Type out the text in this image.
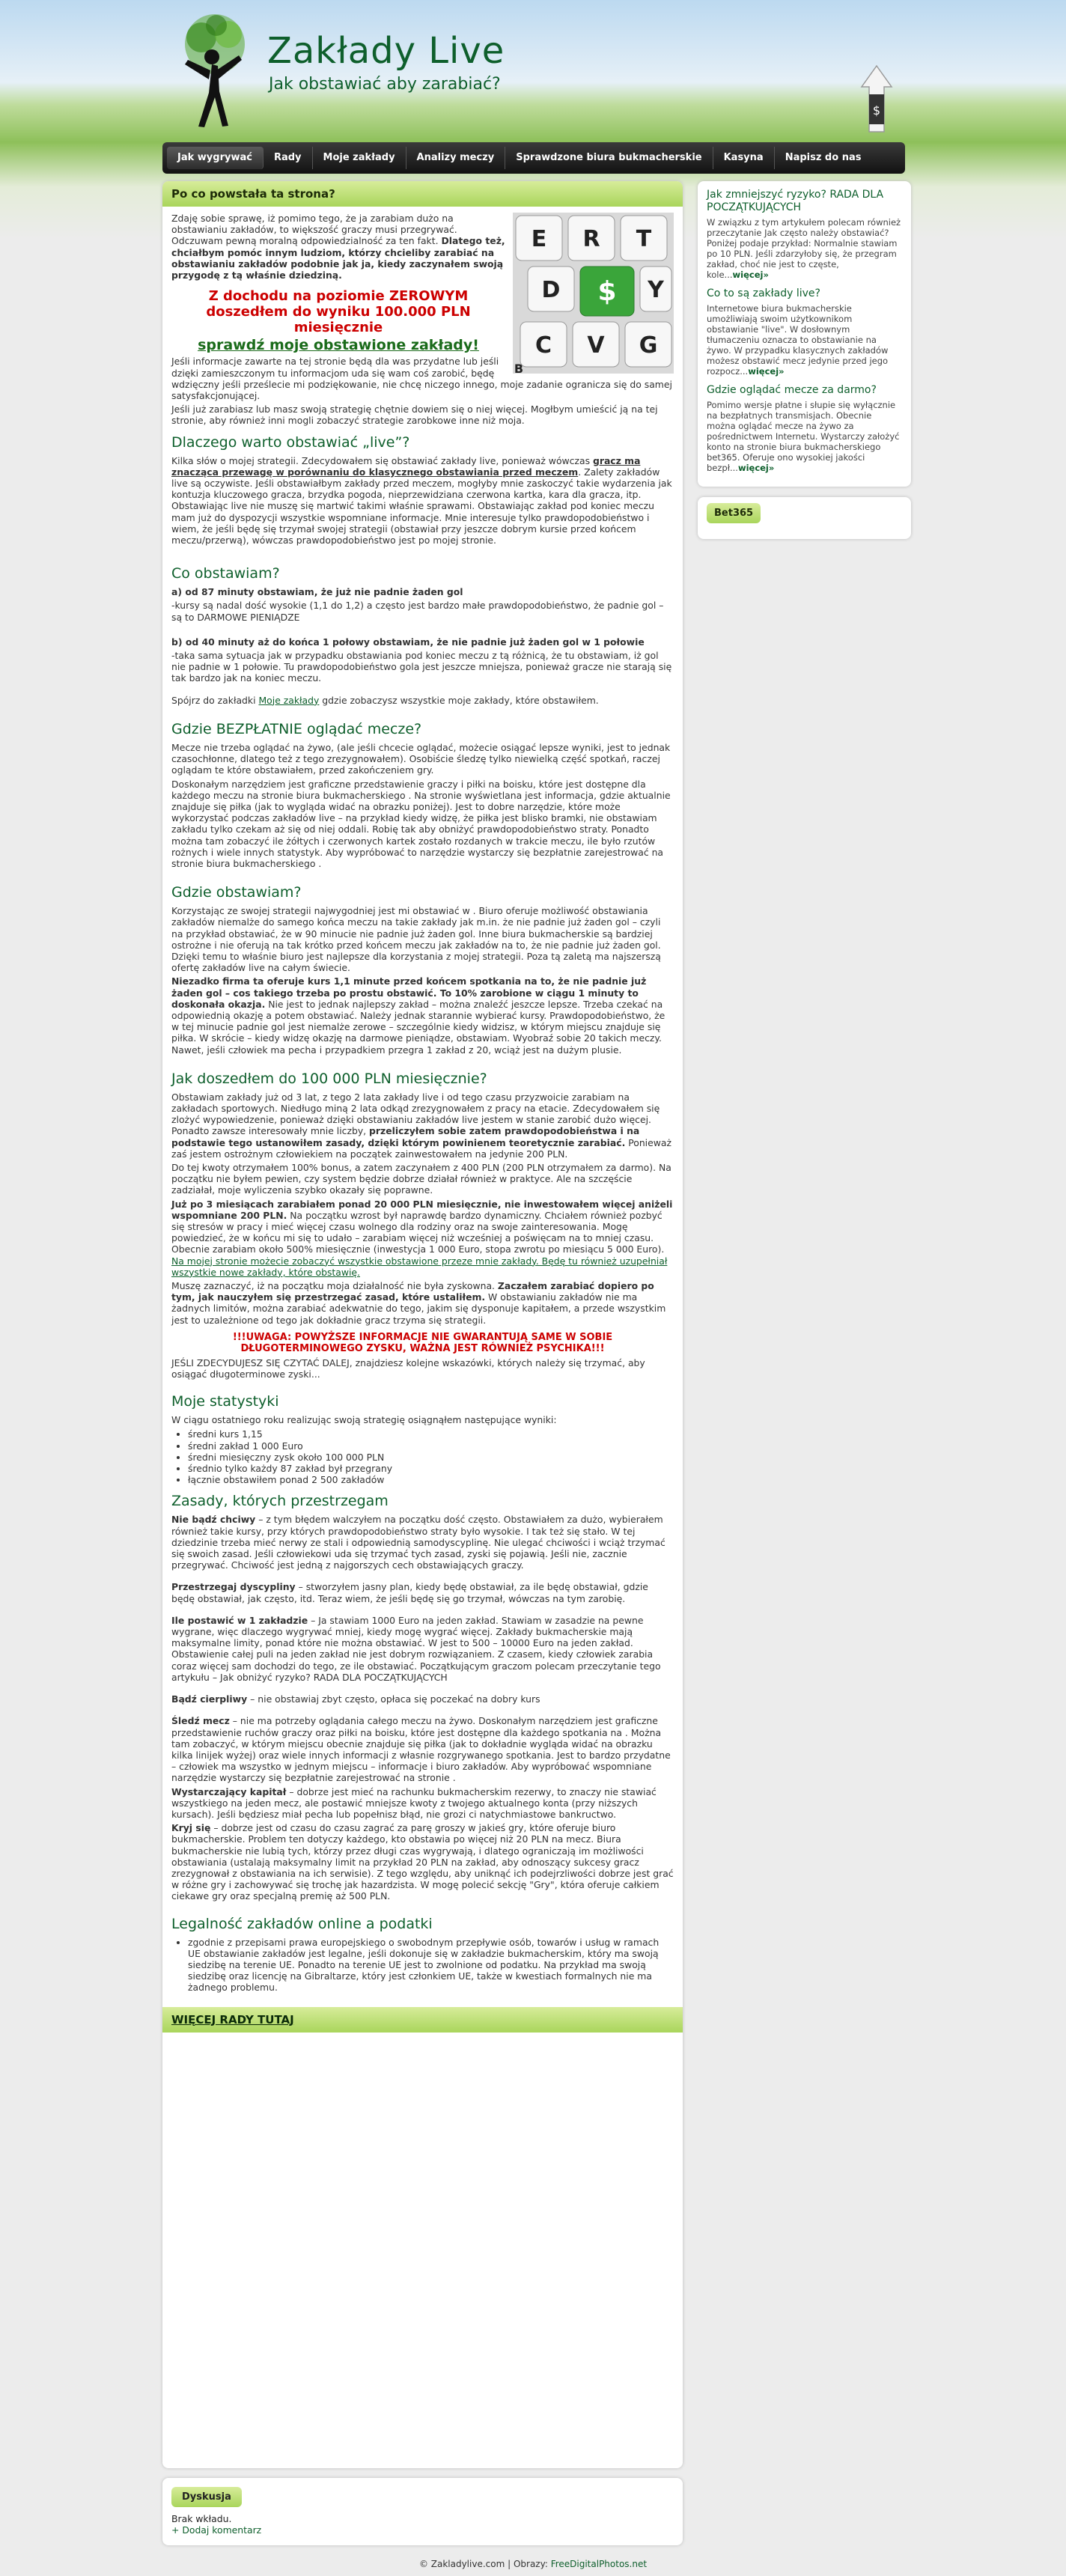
Zakłady Live
Jak obstawiać aby zarabiać?
$
Jak wygrywać	Rady	Moje zakłady	Analizy meczy	Sprawdzone biura bukmacherskie	Kasyna	Napisz do nas
Po co powstała ta strona?
E R T
Y
D $
G
C V
B

Zdaję sobie sprawę, iż pomimo tego, że ja zarabiam dużo na obstawianiu zakładów, to większość graczy musi przegrywać. Odczuwam pewną moralną odpowiedzialność za ten fakt. Dlatego też, chciałbym pomóc innym ludziom, którzy chcieliby zarabiać na obstawianiu zakładów podobnie jak ja, kiedy zaczynałem swoją przygodę z tą właśnie dziedziną.

Z dochodu na poziomie ZEROWYM doszedłem do wyniku 100.000 PLN miesięcznie
sprawdź moje obstawione zakłady!

Jeśli informacje zawarte na tej stronie będą dla was przydatne lub jeśli dzięki zamieszczonym tu informacjom uda się wam coś zarobić, będę wdzięczny jeśli prześlecie mi podziękowanie, nie chcę niczego innego, moje zadanie ogranicza się do samej satysfakcjonującej.

Jeśli już zarabiasz lub masz swoją strategię chętnie dowiem się o niej więcej. Mogłbym umieścić ją na tej stronie, aby również inni mogli zobaczyć strategie zarobkowe inne niż moja.

Dlaczego warto obstawiać „live”?

Kilka słów o mojej strategii. Zdecydowałem się obstawiać zakłady live, ponieważ wówczas gracz ma znacząca przewagę w porównaniu do klasycznego obstawiania przed meczem. Zalety zakładów live są oczywiste. Jeśli obstawiałbym zakłady przed meczem, mogłyby mnie zaskoczyć takie wydarzenia jak kontuzja kluczowego gracza, brzydka pogoda, nieprzewidziana czerwona kartka, kara dla gracza, itp. Obstawiając live nie muszę się martwić takimi właśnie sprawami. Obstawiając zakład pod koniec meczu mam już do dyspozycji wszystkie wspomniane informacje. Mnie interesuje tylko prawdopodobieństwo i wiem, że jeśli będę się trzymał swojej strategii (obstawiał przy jeszcze dobrym kursie przed końcem meczu/przerwą), wówczas prawdopodobieństwo jest po mojej stronie.

Co obstawiam?

a) od 87 minuty obstawiam, że już nie padnie żaden gol

-kursy są nadal dość wysokie (1,1 do 1,2) a często jest bardzo małe prawdopodobieństwo, że padnie gol – są to DARMOWE PIENIĄDZE

b) od 40 minuty aż do końca 1 połowy obstawiam, że nie padnie już żaden gol w 1 połowie

-taka sama sytuacja jak w przypadku obstawiania pod koniec meczu z tą różnicą, że tu obstawiam, iż gol nie padnie w 1 połowie. Tu prawdopodobieństwo gola jest jeszcze mniejsza, ponieważ gracze nie starają się tak bardzo jak na koniec meczu.

Spójrz do zakładki Moje zakłady gdzie zobaczysz wszystkie moje zakłady, które obstawiłem.

Gdzie BEZPŁATNIE oglądać mecze?

Mecze nie trzeba oglądać na żywo, (ale jeśli chcecie oglądać, możecie osiągać lepsze wyniki, jest to jednak czasochłonne, dlatego też z tego zrezygnowałem). Osobiście śledzę tylko niewielką część spotkań, raczej oglądam te które obstawiałem, przed zakończeniem gry.

Doskonałym narzędziem jest graficzne przedstawienie graczy i piłki na boisku, które jest dostępne dla każdego meczu na stronie biura bukmacherskiego . Na stronie wyświetlana jest informacja, gdzie aktualnie znajduje się piłka (jak to wygląda widać na obrazku poniżej). Jest to dobre narzędzie, które może wykorzystać podczas zakładów live – na przykład kiedy widzę, że piłka jest blisko bramki, nie obstawiam zakładu tylko czekam aż się od niej oddali. Robię tak aby obniżyć prawdopodobieństwo straty. Ponadto można tam zobaczyć ile żółtych i czerwonych kartek zostało rozdanych w trakcie meczu, ile było rzutów rożnych i wiele innych statystyk. Aby wypróbować to narzędzie wystarczy się bezpłatnie zarejestrować na stronie biura bukmacherskiego .

Gdzie obstawiam?

Korzystając ze swojej strategii najwygodniej jest mi obstawiać w . Biuro oferuje możliwość obstawiania zakładów niemalże do samego końca meczu na takie zakłady jak m.in. że nie padnie już żaden gol – czyli na przykład obstawiać, że w 90 minucie nie padnie już żaden gol. Inne biura bukmacherskie są bardziej ostrożne i nie oferują na tak krótko przed końcem meczu jak zakładów na to, że nie padnie już żaden gol. Dzięki temu to właśnie biuro jest najlepsze dla korzystania z mojej strategii. Poza tą zaletą ma najszerszą ofertę zakładów live na całym świecie.

Niezadko firma ta oferuje kurs 1,1 minute przed końcem spotkania na to, że nie padnie już żaden gol – cos takiego trzeba po prostu obstawić. To 10% zarobione w ciągu 1 minuty to doskonała okazja. Nie jest to jednak najlepszy zakład – można znaleźć jeszcze lepsze. Trzeba czekać na odpowiednią okazję a potem obstawiać. Należy jednak starannie wybierać kursy. Prawdopodobieństwo, że w tej minucie padnie gol jest niemalże zerowe – szczególnie kiedy widzisz, w którym miejscu znajduje się piłka. W skrócie – kiedy widzę okazję na darmowe pieniądze, obstawiam. Wyobraź sobie 20 takich meczy. Nawet, jeśli człowiek ma pecha i przypadkiem przegra 1 zakład z 20, wciąż jest na dużym plusie.

Jak doszedłem do 100 000 PLN miesięcznie?

Obstawiam zakłady już od 3 lat, z tego 2 lata zakłady live i od tego czasu przyzwoicie zarabiam na zakładach sportowych. Niedługo miną 2 lata odkąd zrezygnowałem z pracy na etacie. Zdecydowałem się zlożyć wypowiedzenie, ponieważ dzięki obstawianiu zakładów live jestem w stanie zarobić dużo więcej. Ponadto zawsze interesowały mnie liczby, przeliczyłem sobie zatem prawdopodobieństwa i na podstawie tego ustanowiłem zasady, dzięki którym powinienem teoretycznie zarabiać. Ponieważ zaś jestem ostrożnym człowiekiem na początek zainwestowałem na jedynie 200 PLN.

Do tej kwoty otrzymałem 100% bonus, a zatem zaczynałem z 400 PLN (200 PLN otrzymałem za darmo). Na początku nie byłem pewien, czy system będzie dobrze działał również w praktyce. Ale na szczęście zadziałał, moje wyliczenia szybko okazały się poprawne.

Już po 3 miesiącach zarabiałem ponad 20 000 PLN miesięcznie, nie inwestowałem więcej aniżeli wspomniane 200 PLN. Na początku wzrost był naprawdę bardzo dynamiczny. Chciałem również pozbyć się stresów w pracy i mieć więcej czasu wolnego dla rodziny oraz na swoje zainteresowania. Mogę powiedzieć, że w końcu mi się to udało – zarabiam więcej niż wcześniej a poświęcam na to mniej czasu. Obecnie zarabiam około 500% miesięcznie (inwestycja 1 000 Euro, stopa zwrotu po miesiącu 5 000 Euro). Na mojej stronie możecie zobaczyć wszystkie obstawione przeze mnie zakłady. Będę tu również uzupełniał wszystkie nowe zakłady, które obstawię.

Muszę zaznaczyć, iż na początku moja działalność nie była zyskowna. Zaczałem zarabiać dopiero po tym, jak nauczyłem się przestrzegać zasad, które ustaliłem. W obstawianiu zakładów nie ma żadnych limitów, można zarabiać adekwatnie do tego, jakim się dysponuje kapitałem, a przede wszystkim jest to uzależnione od tego jak dokładnie gracz trzyma się strategii.

!!!UWAGA: POWYŻSZE INFORMACJE NIE GWARANTUJĄ SAME W SOBIE DŁUGOTERMINOWEGO ZYSKU, WAŻNA JEST RÓWNIEŻ PSYCHIKA!!!

JEŚLI ZDECYDUJESZ SIĘ CZYTAĆ DALEJ, znajdziesz kolejne wskazówki, których należy się trzymać, aby osiągać długoterminowe zyski...

Moje statystyki

W ciągu ostatniego roku realizując swoją strategię osiągnąłem następujące wyniki:

• średni kurs 1,15
• średni zakład 1 000 Euro
• średni miesięczny zysk około 100 000 PLN
• średnio tylko każdy 87 zakład był przegrany
• łącznie obstawiłem ponad 2 500 zakładów
Zasady, których przestrzegam

Nie bądź chciwy – z tym błędem walczyłem na początku dość często. Obstawiałem za dużo, wybierałem również takie kursy, przy których prawdopodobieństwo straty było wysokie. I tak też się stało. W tej dziedzinie trzeba mieć nerwy ze stali i odpowiednią samodyscyplinę. Nie ulegać chciwości i wciąż trzymać się swoich zasad. Jeśli człowiekowi uda się trzymać tych zasad, zyski się pojawią. Jeśli nie, zacznie przegrywać. Chciwość jest jedną z najgorszych cech obstawiających graczy.

Przestrzegaj dyscypliny – stworzyłem jasny plan, kiedy będę obstawiał, za ile będę obstawiał, gdzie będę obstawiał, jak często, itd. Teraz wiem, że jeśli będę się go trzymał, wówczas na tym zarobię.

Ile postawić w 1 zakładzie – Ja stawiam 1000 Euro na jeden zakład. Stawiam w zasadzie na pewne wygrane, więc dlaczego wygrywać mniej, kiedy mogę wygrać więcej. Zakłady bukmacherskie mają maksymalne limity, ponad które nie można obstawiać. W jest to 500 – 10000 Euro na jeden zakład. Obstawienie całej puli na jeden zakład nie jest dobrym rozwiązaniem. Z czasem, kiedy człowiek zarabia coraz więcej sam dochodzi do tego, ze ile obstawiać. Początkującym graczom polecam przeczytanie tego artykułu – Jak obniżyć ryzyko? RADA DLA POCZĄTKUJĄCYCH

Bądź cierpliwy – nie obstawiaj zbyt często, opłaca się poczekać na dobry kurs

Śledź mecz – nie ma potrzeby oglądania całego meczu na żywo. Doskonałym narzędziem jest graficzne przedstawienie ruchów graczy oraz piłki na boisku, które jest dostępne dla każdego spotkania na . Można tam zobaczyć, w którym miejscu obecnie znajduje się piłka (jak to dokładnie wygląda widać na obrazku kilka linijek wyżej) oraz wiele innych informacji z własnie rozgrywanego spotkania. Jest to bardzo przydatne – człowiek ma wszystko w jednym miejscu – informacje i biuro zakładów. Aby wypróbować wspomniane narzędzie wystarczy się bezpłatnie zarejestrować na stronie .

Wystarczający kapitał – dobrze jest mieć na rachunku bukmacherskim rezerwy, to znaczy nie stawiać wszystkiego na jeden mecz, ale postawić mniejsze kwoty z twojego aktualnego konta (przy niższych kursach). Jeśli będziesz miał pecha lub popełnisz błąd, nie grozi ci natychmiastowe bankructwo.

Kryj się – dobrze jest od czasu do czasu zagrać za parę groszy w jakieś gry, które oferuje biuro bukmacherskie. Problem ten dotyczy każdego, kto obstawia po więcej niż 20 PLN na mecz. Biura bukmacherskie nie lubią tych, którzy przez długi czas wygrywają, i dlatego ograniczają im możliwości obstawiania (ustalają maksymalny limit na przykład 20 PLN na zakład, aby odnoszący sukcesy gracz zrezygnował z obstawiania na ich serwisie). Z tego względu, aby uniknąć ich podejrzliwości dobrze jest grać w różne gry i zachowywać się trochę jak hazardzista. W mogę polecić sekcję "Gry", która oferuje całkiem ciekawe gry oraz specjalną premię aż 500 PLN.

Legalność zakładów online a podatki
• zgodnie z przepisami prawa europejskiego o swobodnym przepływie osób, towarów i usług w ramach UE obstawianie zakładów jest legalne, jeśli dokonuje się w zakładzie bukmacherskim, który ma swoją siedzibę na terenie UE. Ponadto na terenie UE jest to zwolnione od podatku. Na przykład ma swoją siedzibę oraz licencję na Gibraltarze, który jest członkiem UE, także w kwestiach formalnych nie ma żadnego problemu.
WIĘCEJ RADY TUTAJ
Jak zmniejszyć ryzyko? RADA DLA POCZĄTKUJĄCYCH

W związku z tym artykułem polecam również przeczytanie Jak często należy obstawiać? Poniżej podaje przykład: Normalnie stawiam po 10 PLN. Jeśli zdarzyłoby się, że przegram zakład, choć nie jest to częste, kole...więcej»

Co to są zakłady live?

Internetowe biura bukmacherskie umożliwiają swoim użytkownikom obstawianie "live". W dosłownym tłumaczeniu oznacza to obstawianie na żywo. W przypadku klasycznych zakładów możesz obstawić mecz jedynie przed jego rozpocz...więcej»

Gdzie oglądać mecze za darmo?

Pomimo wersje płatne i słupie się wyłącznie na bezpłatnych transmisjach. Obecnie można oglądać mecze na żywo za pośrednictwem Internetu. Wystarczy założyć konto na stronie biura bukmacherskiego bet365. Oferuje ono wysokiej jakości bezpł...więcej»

Bet365
Dyskusja

Brak wkładu.
+ Dodaj komentarz

© Zakladylive.com | Obrazy: FreeDigitalPhotos.net
